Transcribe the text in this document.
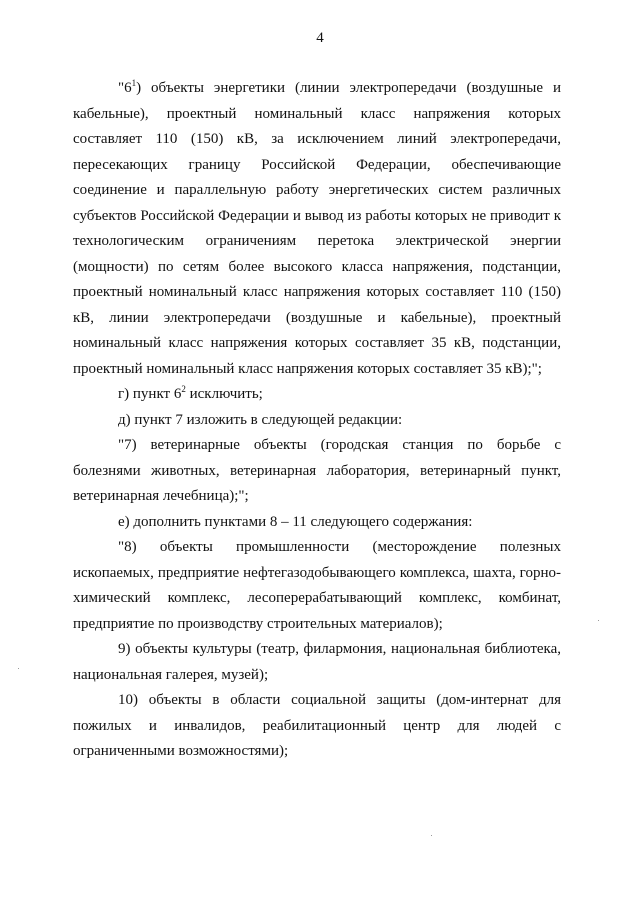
4

"$6^1$) объекты энергетики (линии электропередачи (воздушные и кабельные), проектный номинальный класс напряжения которых составляет 110 (150) кВ, за исключением линий электропередачи, пересекающих границу Российской Федерации, обеспечивающие соединение и параллельную работу энергетических систем различных субъектов Российской Федерации и вывод из работы которых не приводит к технологическим ограничениям перетока электрической энергии (мощности) по сетям более высокого класса напряжения, подстанции, проектный номинальный класс напряжения которых составляет 110 (150) кВ, линии электропередачи (воздушные и кабельные), проектный номинальный класс напряжения которых составляет 35 кВ, подстанции, проектный номинальный класс напряжения которых составляет 35 кВ);";

г) пункт $6^2$ исключить;

д) пункт 7 изложить в следующей редакции:

"7) ветеринарные объекты (городская станция по борьбе с болезнями животных, ветеринарная лаборатория, ветеринарный пункт, ветеринарная лечебница);";

е) дополнить пунктами 8 – 11 следующего содержания:

"8) объекты промышленности (месторождение полезных ископаемых, предприятие нефтегазодобывающего комплекса, шахта, горно-химический комплекс, лесоперерабатывающий комплекс, комбинат, предприятие по производству строительных материалов);

9) объекты культуры (театр, филармония, национальная библиотека, национальная галерея, музей);

10) объекты в области социальной защиты (дом-интернат для пожилых и инвалидов, реабилитационный центр для людей с ограниченными возможностями);
